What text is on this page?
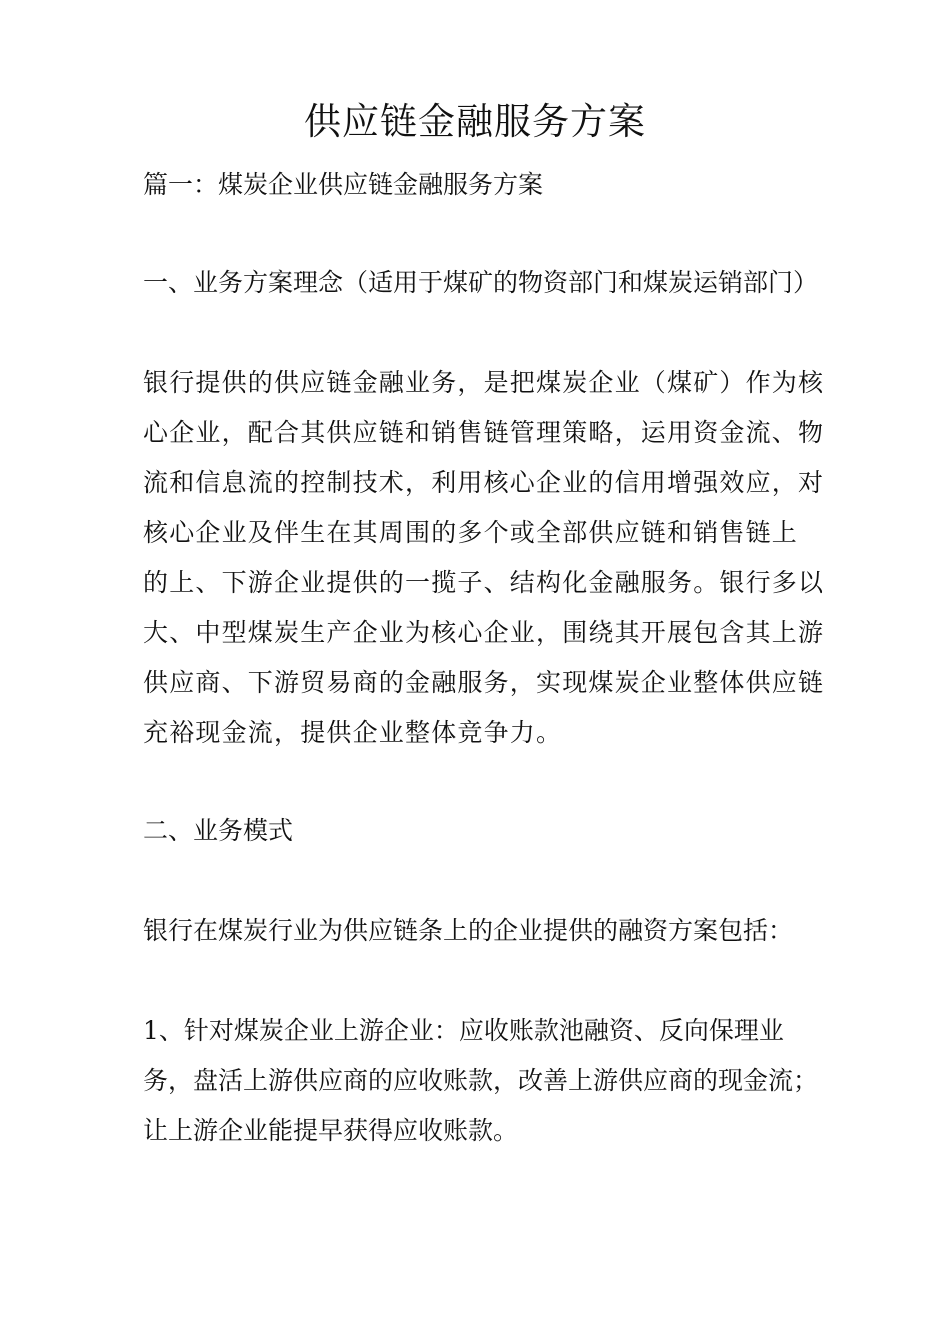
供应链金融服务方案
篇一：煤炭企业供应链金融服务方案
一、业务方案理念（适用于煤矿的物资部门和煤炭运销部门）
银行提供的供应链金融业务，是把煤炭企业（煤矿）作为核
心企业，配合其供应链和销售链管理策略，运用资金流、物
流和信息流的控制技术，利用核心企业的信用增强效应，对
核心企业及伴生在其周围的多个或全部供应链和销售链上
的上、下游企业提供的一揽子、结构化金融服务。银行多以
大、中型煤炭生产企业为核心企业，围绕其开展包含其上游
供应商、下游贸易商的金融服务，实现煤炭企业整体供应链
充裕现金流，提供企业整体竞争力。
二、业务模式
银行在煤炭行业为供应链条上的企业提供的融资方案包括：
1、针对煤炭企业上游企业：应收账款池融资、反向保理业
务，盘活上游供应商的应收账款，改善上游供应商的现金流；
让上游企业能提早获得应收账款。
